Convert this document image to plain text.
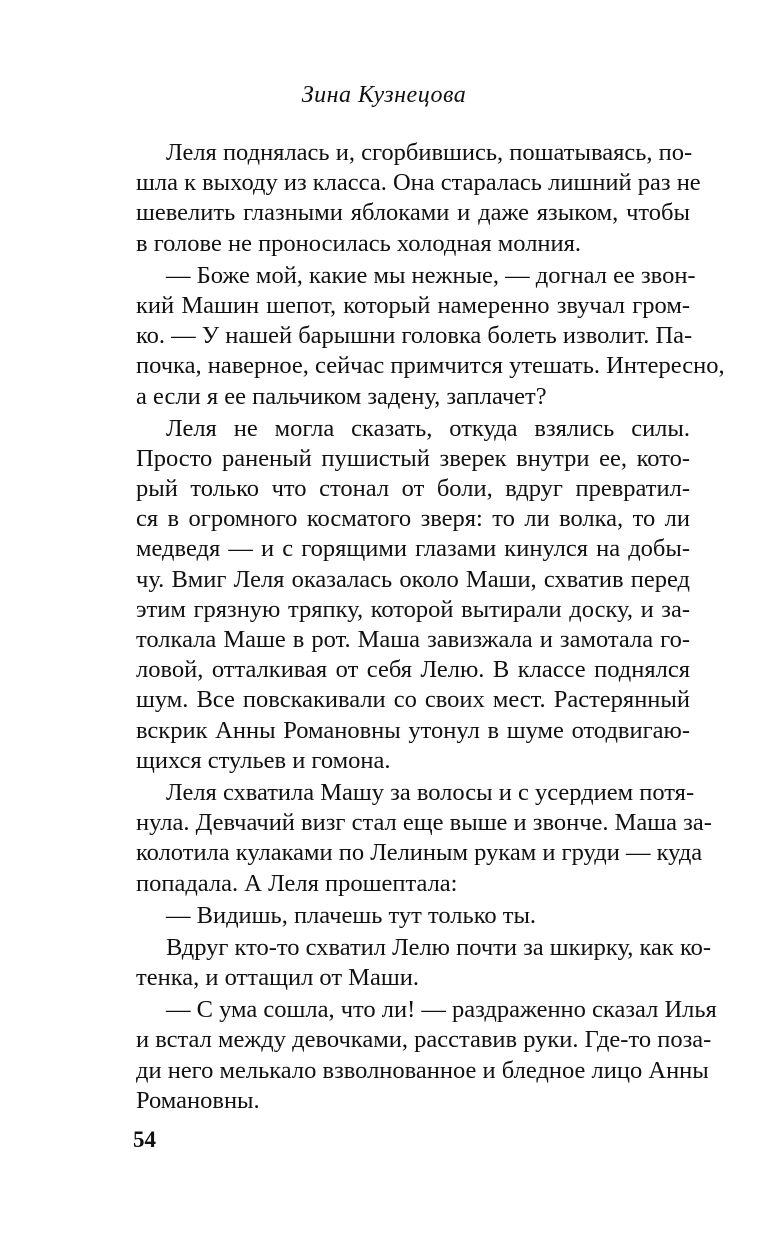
Зина Кузнецова
Леля поднялась и, сгорбившись, пошатываясь, по-
шла к выходу из класса. Она старалась лишний раз не
шевелить глазными яблоками и даже языком, чтобы
в голове не проносилась холодная молния.
— Боже мой, какие мы нежные, — догнал ее звон-
кий Машин шепот, который намеренно звучал гром-
ко. — У нашей барышни головка болеть изволит. Па-
почка, наверное, сейчас примчится утешать. Интересно,
а если я ее пальчиком задену, заплачет?
Леля не могла сказать, откуда взялись силы.
Просто раненый пушистый зверек внутри ее, кото-
рый только что стонал от боли, вдруг превратил-
ся в огромного косматого зверя: то ли волка, то ли
медведя — и с горящими глазами кинулся на добы-
чу. Вмиг Леля оказалась около Маши, схватив перед
этим грязную тряпку, которой вытирали доску, и за-
толкала Маше в рот. Маша завизжала и замотала го-
ловой, отталкивая от себя Лелю. В классе поднялся
шум. Все повскакивали со своих мест. Растерянный
вскрик Анны Романовны утонул в шуме отодвигаю-
щихся стульев и гомона.
Леля схватила Машу за волосы и с усердием потя-
нула. Девчачий визг стал еще выше и звонче. Маша за-
колотила кулаками по Лелиным рукам и груди — куда
попадала. А Леля прошептала:
— Видишь, плачешь тут только ты.
Вдруг кто-то схватил Лелю почти за шкирку, как ко-
тенка, и оттащил от Маши.
— С ума сошла, что ли! — раздраженно сказал Илья
и встал между девочками, расставив руки. Где-то поза-
ди него мелькало взволнованное и бледное лицо Анны
Романовны.
54
